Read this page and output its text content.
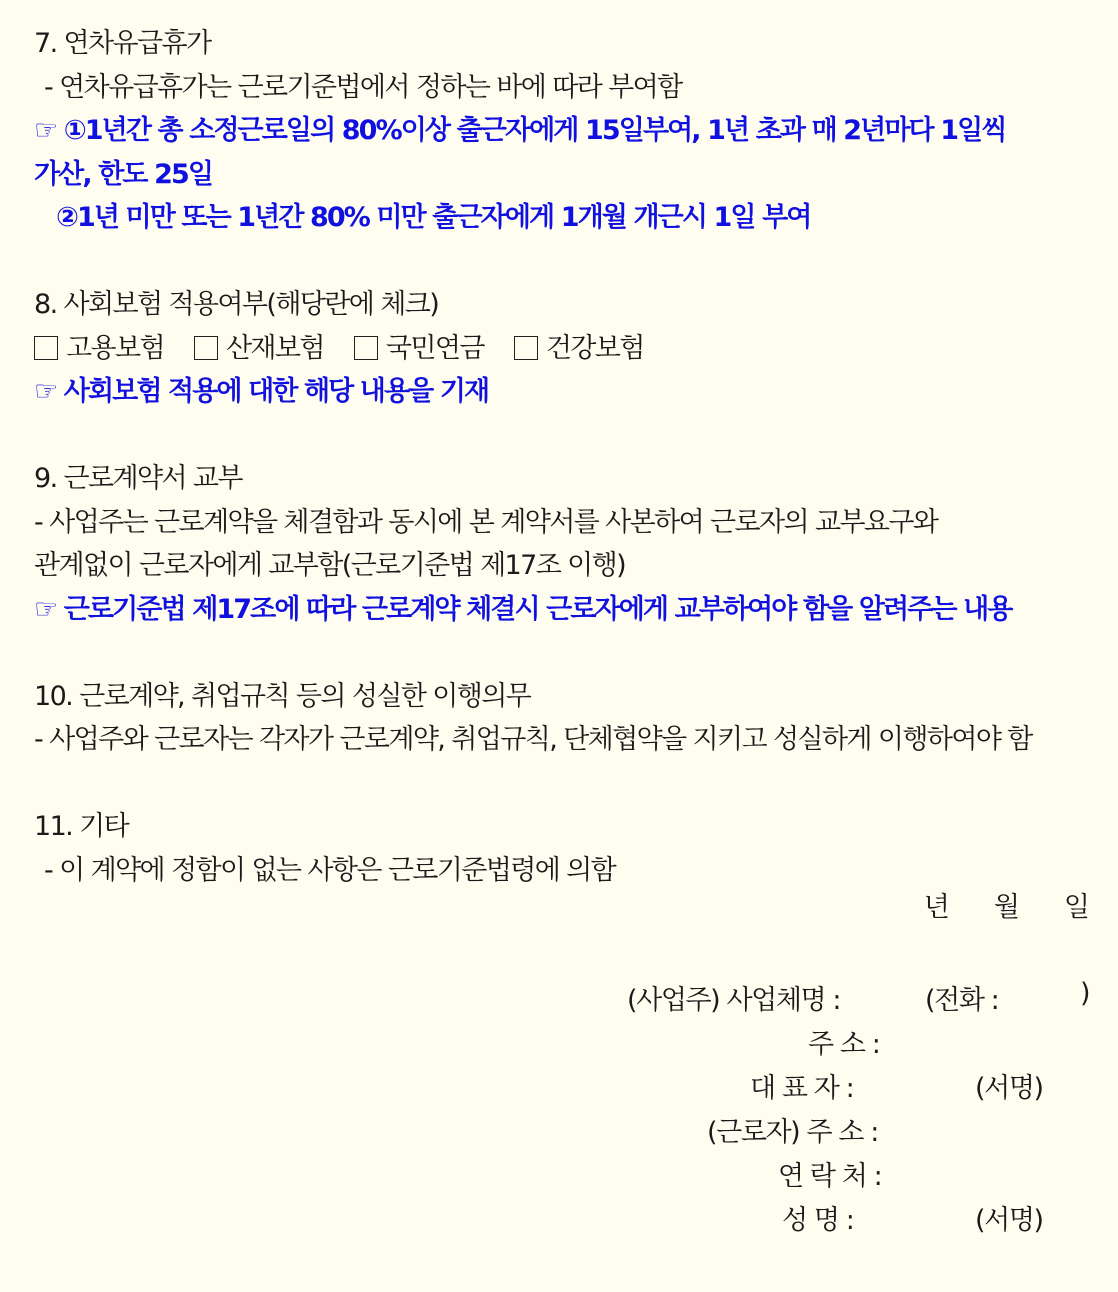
7. 연차유급휴가
- 연차유급휴가는 근로기준법에서 정하는 바에 따라 부여함
☞ ①1년간 총 소정근로일의 80%이상 출근자에게 15일부여, 1년 초과 매 2년마다 1일씩
가산, 한도 25일
②1년 미만 또는 1년간 80% 미만 출근자에게 1개월 개근시 1일 부여
8. 사회보험 적용여부(해당란에 체크)
고용보험 산재보험 국민연금 건강보험
☞ 사회보험 적용에 대한 해당 내용을 기재
9. 근로계약서 교부
- 사업주는 근로계약을 체결함과 동시에 본 계약서를 사본하여 근로자의 교부요구와
관계없이 근로자에게 교부함(근로기준법 제17조 이행)
☞ 근로기준법 제17조에 따라 근로계약 체결시 근로자에게 교부하여야 함을 알려주는 내용
10. 근로계약, 취업규칙 등의 성실한 이행의무
- 사업주와 근로자는 각자가 근로계약, 취업규칙, 단체협약을 지키고 성실하게 이행하여야 함
11. 기타
- 이 계약에 정함이 없는 사항은 근로기준법령에 의함
년 월 일
(사업주) 사업체명 :	(전화 :	)
주 소 :
대 표 자 :	(서명)
(근로자) 주 소 :
연 락 처 :
성 명 :	(서명)
